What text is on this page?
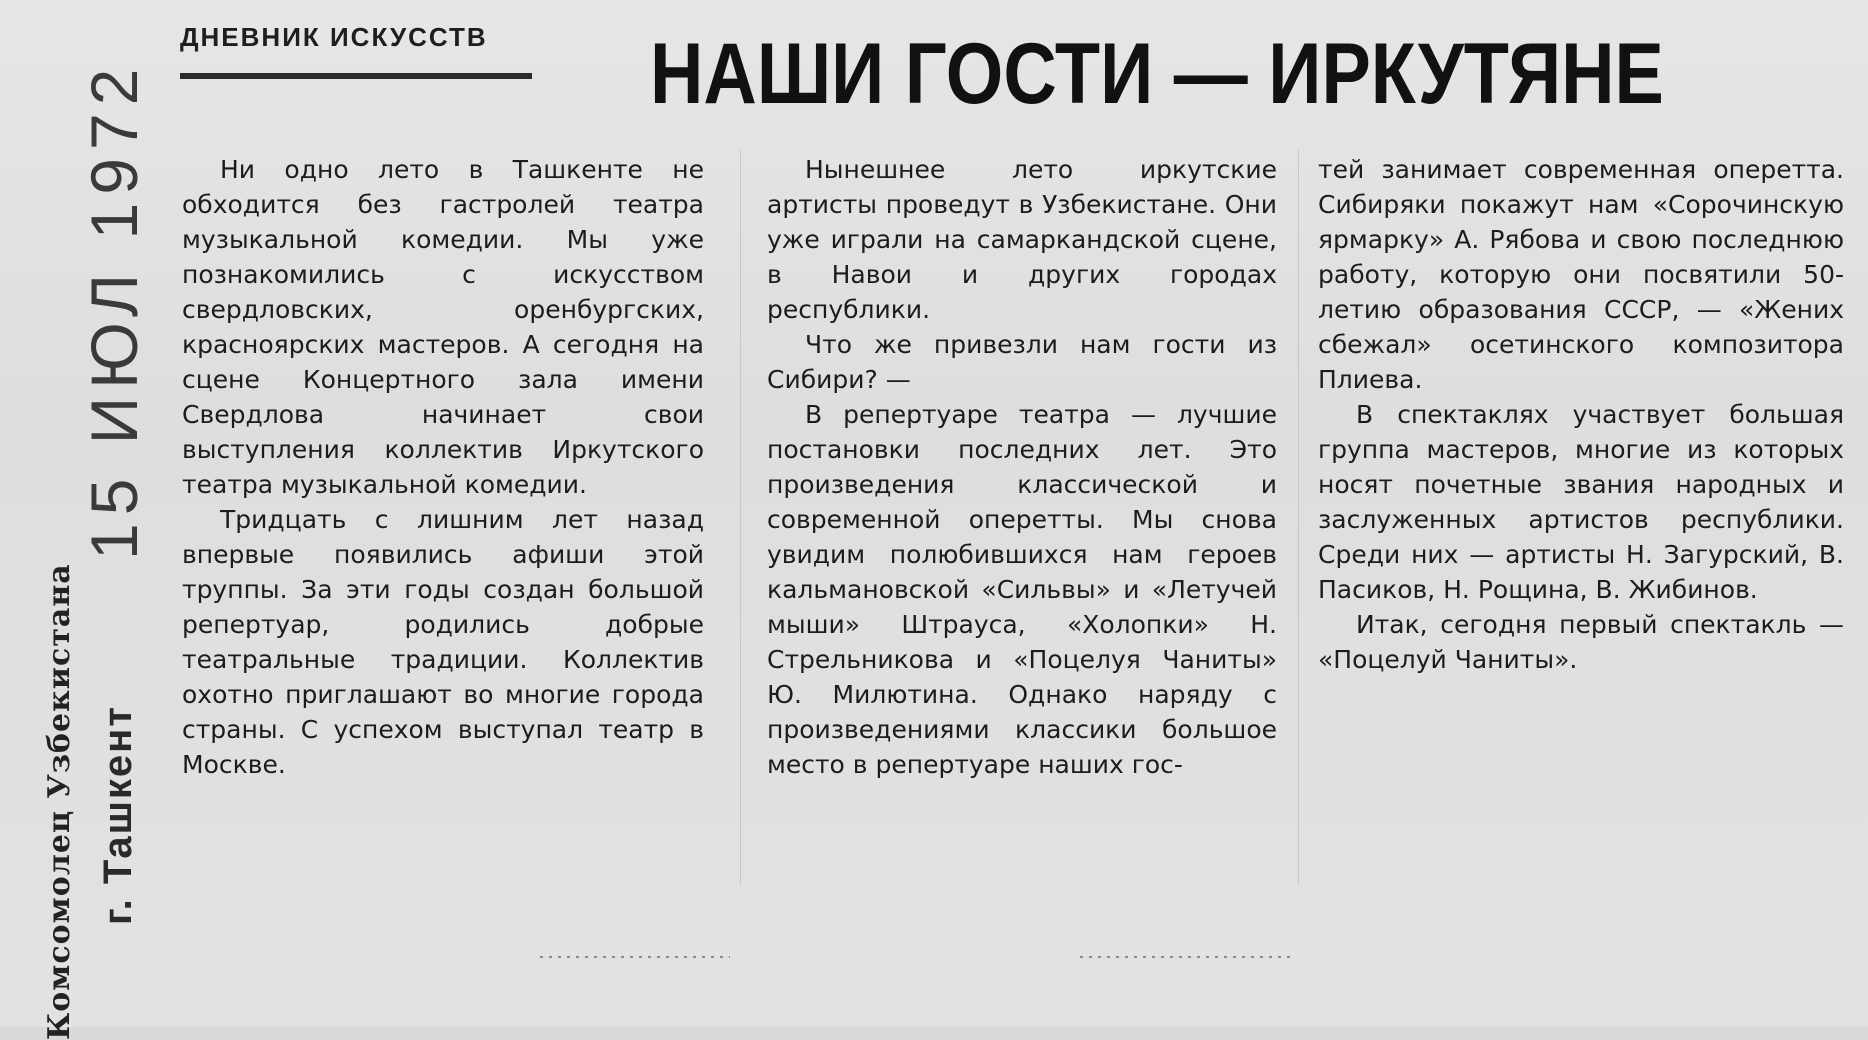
Комсомолец Узбекистана г. Ташкент
15 ИЮЛ 1972
ДНЕВНИК ИСКУССТВ	НАШИ ГОСТИ — ИРКУТЯНЕ

Ни одно лето в Ташкенте не обходится без гастролей театра музыкальной комедии. Мы уже познакомились с искусством свердловских, оренбургских, красноярских мастеров. А сегодня на сцене Концертного зала имени Свердлова начинает свои выступления коллектив Иркутского театра музыкальной комедии.

Тридцать с лишним лет назад впервые появились афиши этой труппы. За эти годы создан большой репертуар, родились добрые театральные традиции. Коллектив охотно приглашают во многие города страны. С успехом выступал театр в Москве.

Нынешнее лето иркутские артисты проведут в Узбекистане. Они уже играли на самаркандской сцене, в Навои и других городах республики.

Что же привезли нам гости из Сибири? —

В репертуаре театра — лучшие постановки последних лет. Это произведения классической и современной оперетты. Мы снова увидим полюбившихся нам героев кальмановской «Сильвы» и «Летучей мыши» Штрауса, «Холопки» Н. Стрельникова и «Поцелуя Чаниты» Ю. Милютина. Однако наряду с произведениями классики большое место в репертуаре наших гос-

тей занимает современная оперетта. Сибиряки покажут нам «Сорочинскую ярмарку» А. Рябова и свою последнюю работу, которую они посвятили 50-летию образования СССР, — «Жених сбежал» осетинского композитора Плиева.

В спектаклях участвует большая группа мастеров, многие из которых носят почетные звания народных и заслуженных артистов республики. Среди них — артисты Н. Загурский, В. Пасиков, Н. Рощина, В. Жибинов.

Итак, сегодня первый спектакль — «Поцелуй Чаниты».
